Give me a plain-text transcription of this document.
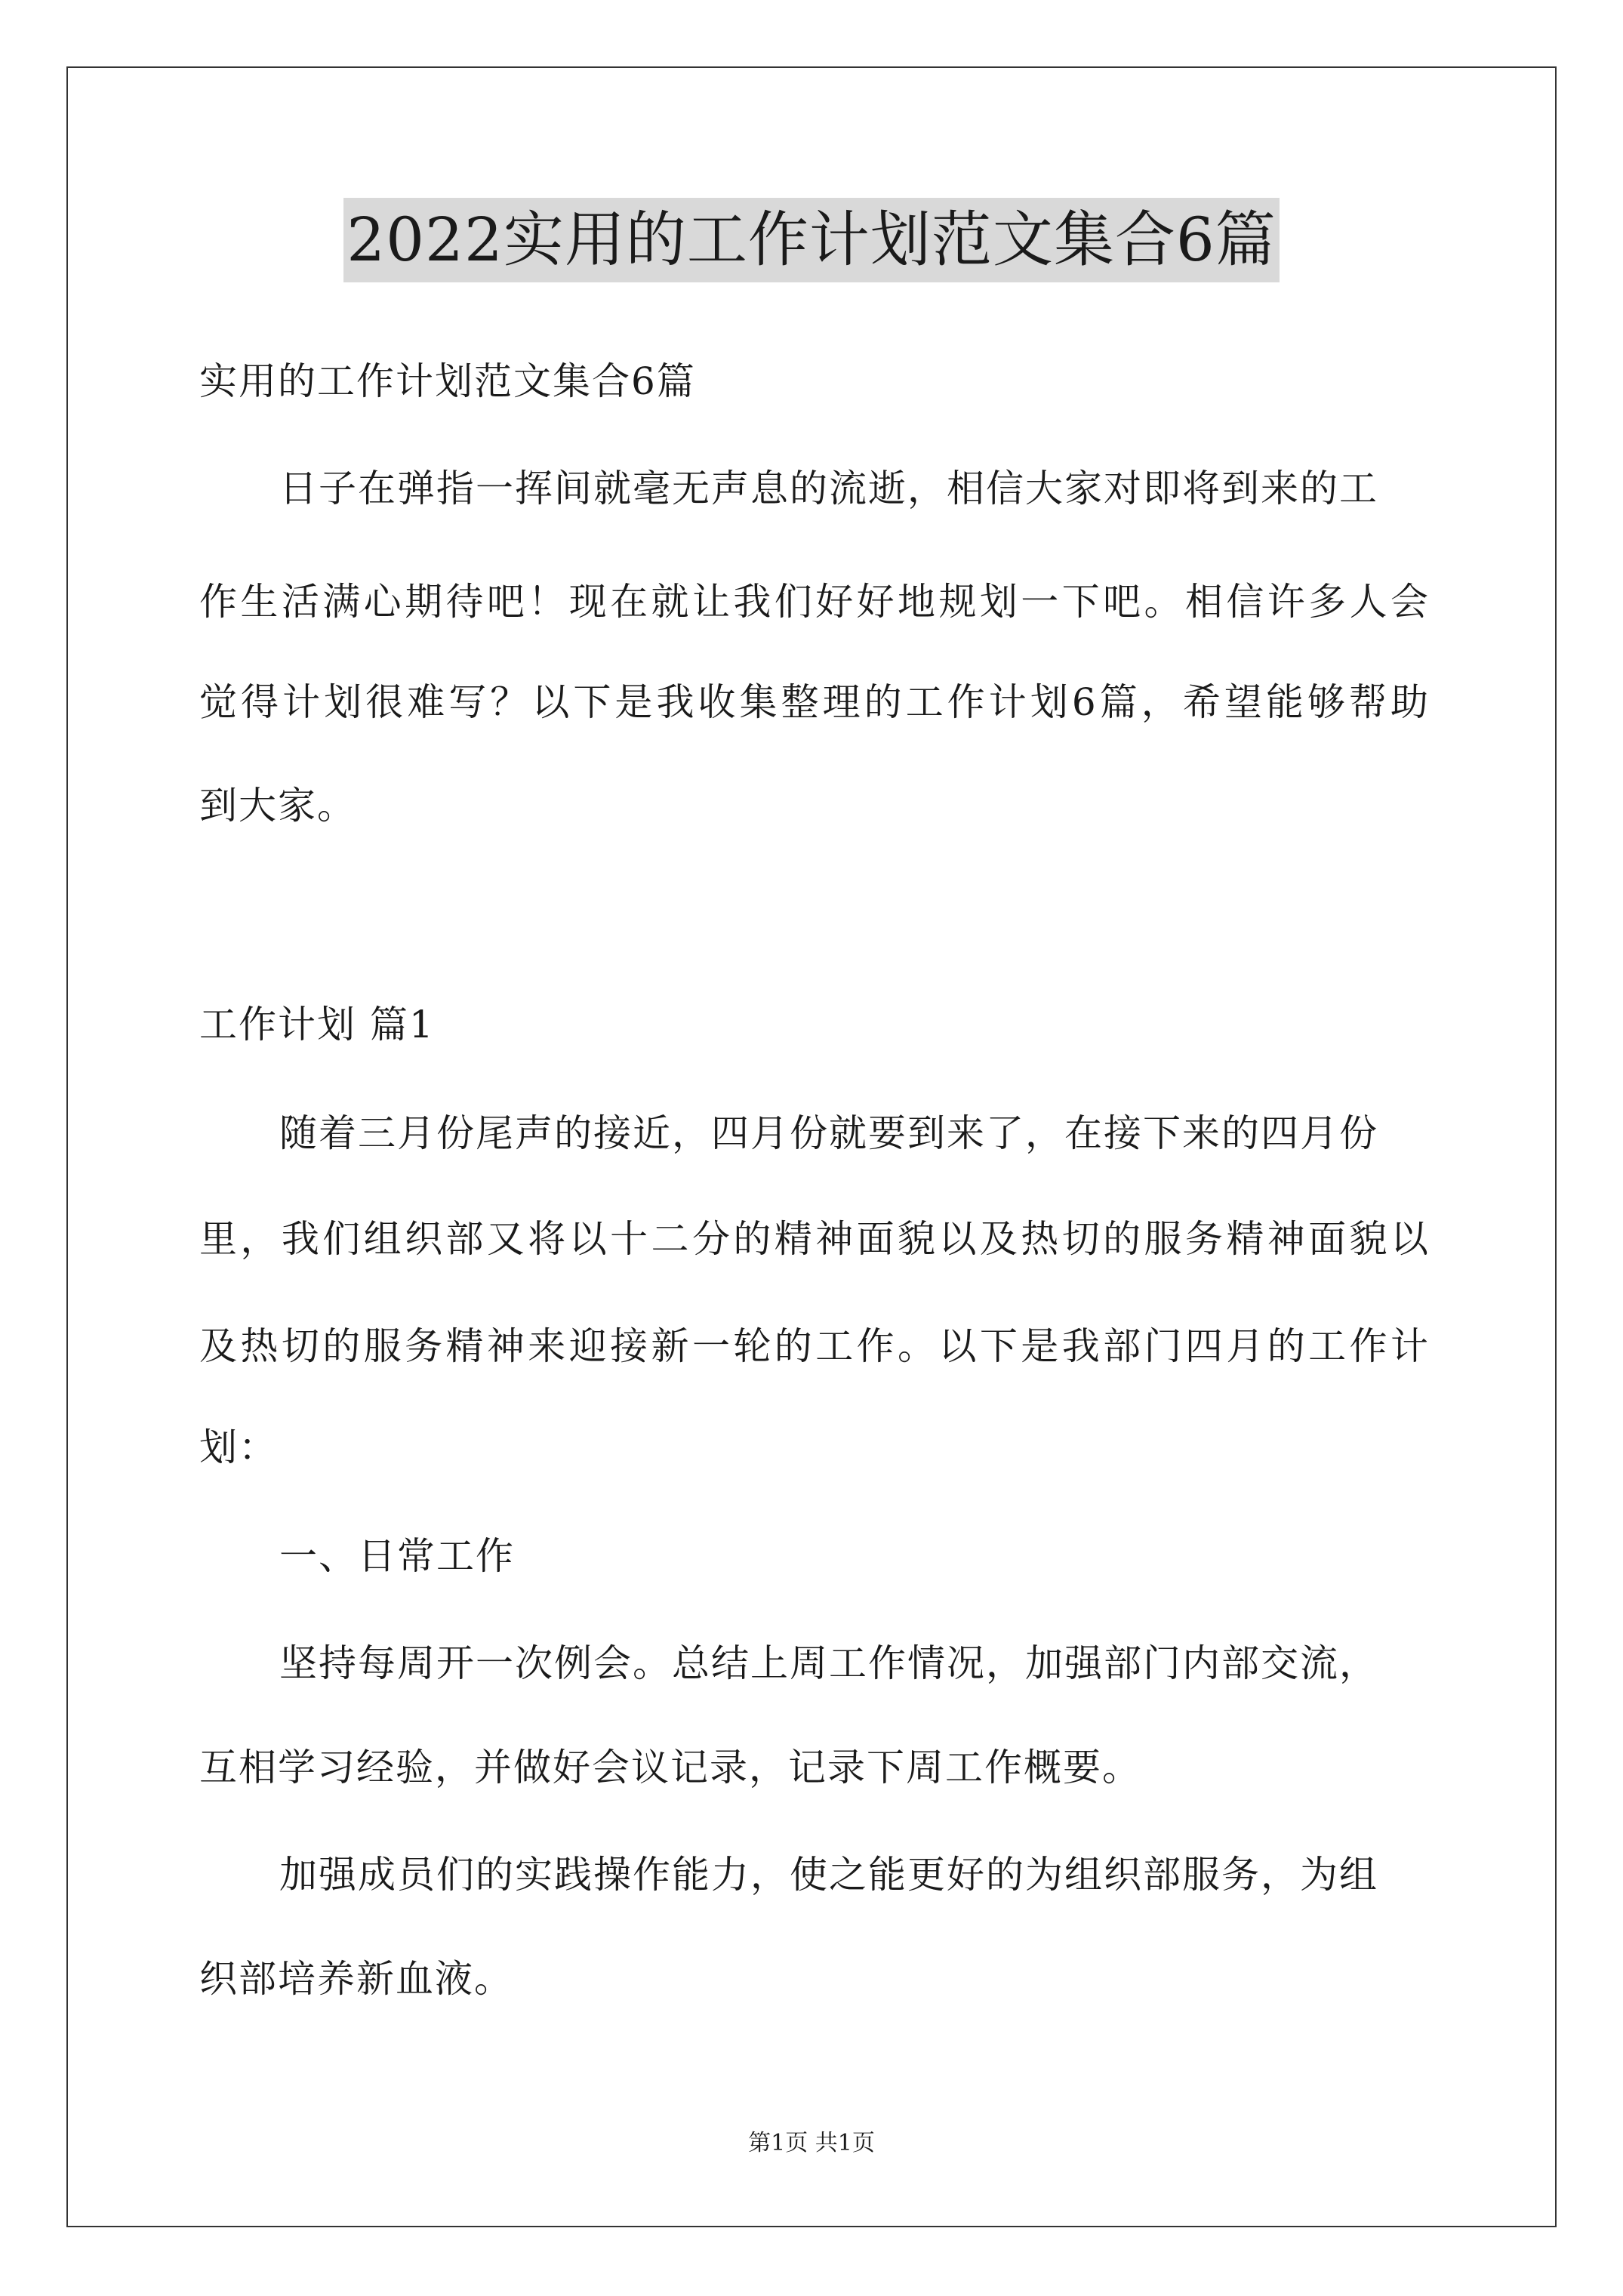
2022实用的工作计划范文集合6篇
实用的工作计划范文集合6篇
日子在弹指一挥间就毫无声息的流逝，相信大家对即将到来的工
作生活满心期待吧！现在就让我们好好地规划一下吧。相信许多人会
觉得计划很难写？以下是我收集整理的工作计划6篇，希望能够帮助
到大家。
工作计划 篇1
随着三月份尾声的接近，四月份就要到来了，在接下来的四月份
里，我们组织部又将以十二分的精神面貌以及热切的服务精神面貌以
及热切的服务精神来迎接新一轮的工作。以下是我部门四月的工作计
划：
一、日常工作
坚持每周开一次例会。总结上周工作情况，加强部门内部交流，
互相学习经验，并做好会议记录，记录下周工作概要。
加强成员们的实践操作能力，使之能更好的为组织部服务，为组
织部培养新血液。
第1页 共1页
